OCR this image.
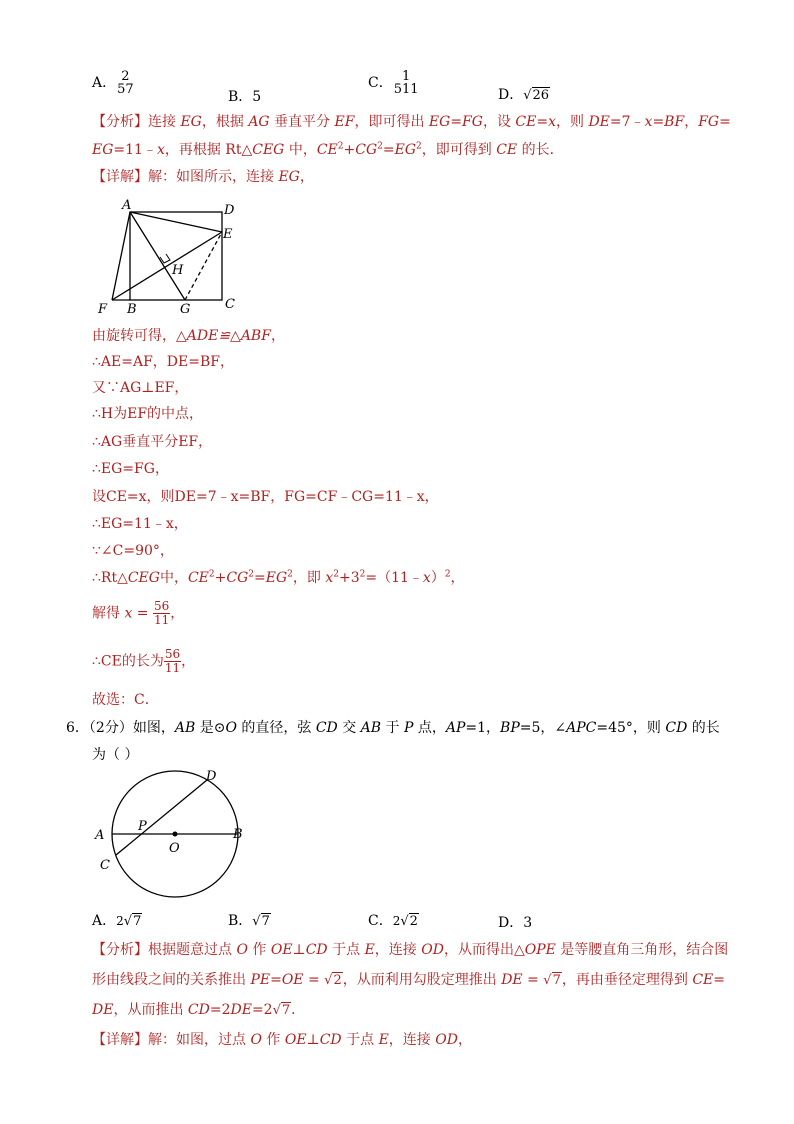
A． 2
57	B．5
C． 1
511	D．√26
【分析】连接 EG，根据 AG 垂直平分 EF，即可得出 EG=FG，设 CE=x，则 DE=7﹣x=BF，FG=
EG=11﹣x，再根据 Rt△CEG 中，$CE^2+CG^2=EG^2$，即可得到 CE 的长．
【详解】解：如图所示，连接 EG，
A	D
E
H
F B	G	C
由旋转可得，△ADE≌△ABF，
∴AE=AF，DE=BF，
又∵AG⊥EF，
∴H为EF的中点，
∴AG垂直平分EF，
∴EG=FG，
设CE=x，则DE=7﹣x=BF，FG=CF﹣CG=11﹣x，
∴EG=11﹣x，
∵∠C=90°，
∴Rt△CEG中，$CE^2+CG^2=EG^2$，即 $x^2+3^2=(11﹣x)^2$，
解得 $x = \frac{56}{11}$ ，
∴CE的长为 $\frac{56}{11}$ ，
故选：C．
6．（2分）如图，AB 是⊙O 的直径，弦 CD 交 AB 于 P 点，AP=1，BP=5，∠APC=45°，则 CD 的长
为（ ）
A	B
C
D
P
O
A．2√7	B．√7	C．2√2	D．3
【分析】根据题意过点 O 作 OE⊥CD 于点 E，连接 OD，从而得出△OPE 是等腰直角三角形，结合图
形由线段之间的关系推出 PE=OE = √2，从而利用勾股定理推出 DE = √7，再由垂径定理得到 CE=
DE，从而推出 CD=2DE=2√7．
【详解】解：如图，过点 O 作 OE⊥CD 于点 E，连接 OD，
